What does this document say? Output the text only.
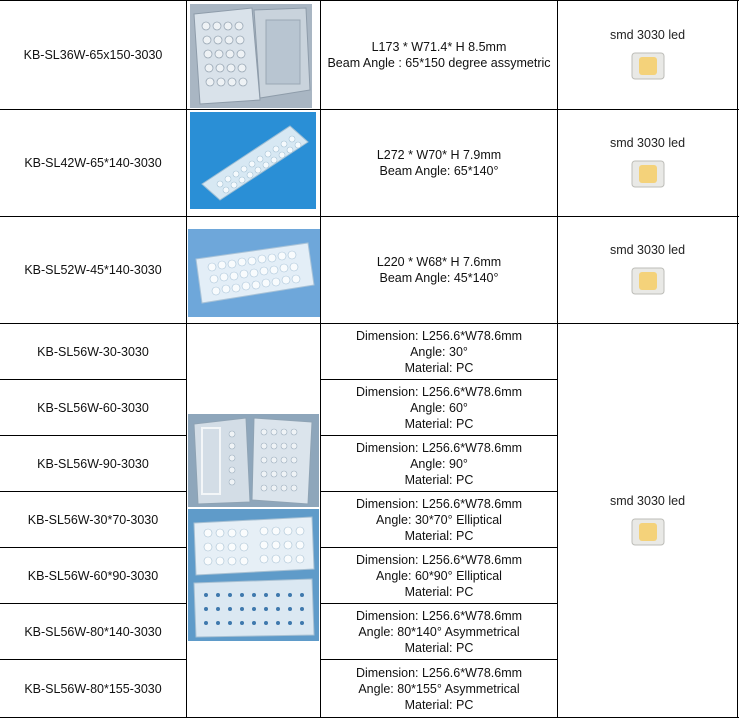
KB-SL36W-65x150-3030
L173 * W71.4* H 8.5mm
Beam Angle : 65*150 degree assymetric
smd 3030 led
KB-SL42W-65*140-3030
L272 * W70* H 7.9mm
Beam Angle: 65*140°
smd 3030 led
KB-SL52W-45*140-3030
L220 * W68* H 7.6mm
Beam Angle: 45*140°
smd 3030 led
KB-SL56W-30-3030
KB-SL56W-60-3030
KB-SL56W-90-3030
KB-SL56W-30*70-3030
KB-SL56W-60*90-3030
KB-SL56W-80*140-3030
KB-SL56W-80*155-3030
Dimension: L256.6*W78.6mm
Angle: 30°
Material: PC
Dimension: L256.6*W78.6mm
Angle: 60°
Material: PC
Dimension: L256.6*W78.6mm
Angle: 90°
Material: PC
Dimension: L256.6*W78.6mm
Angle: 30*70° Elliptical
Material: PC
Dimension: L256.6*W78.6mm
Angle: 60*90° Elliptical
Material: PC
Dimension: L256.6*W78.6mm
Angle: 80*140° Asymmetrical
Material: PC
Dimension: L256.6*W78.6mm
Angle: 80*155° Asymmetrical
Material: PC
smd 3030 led
